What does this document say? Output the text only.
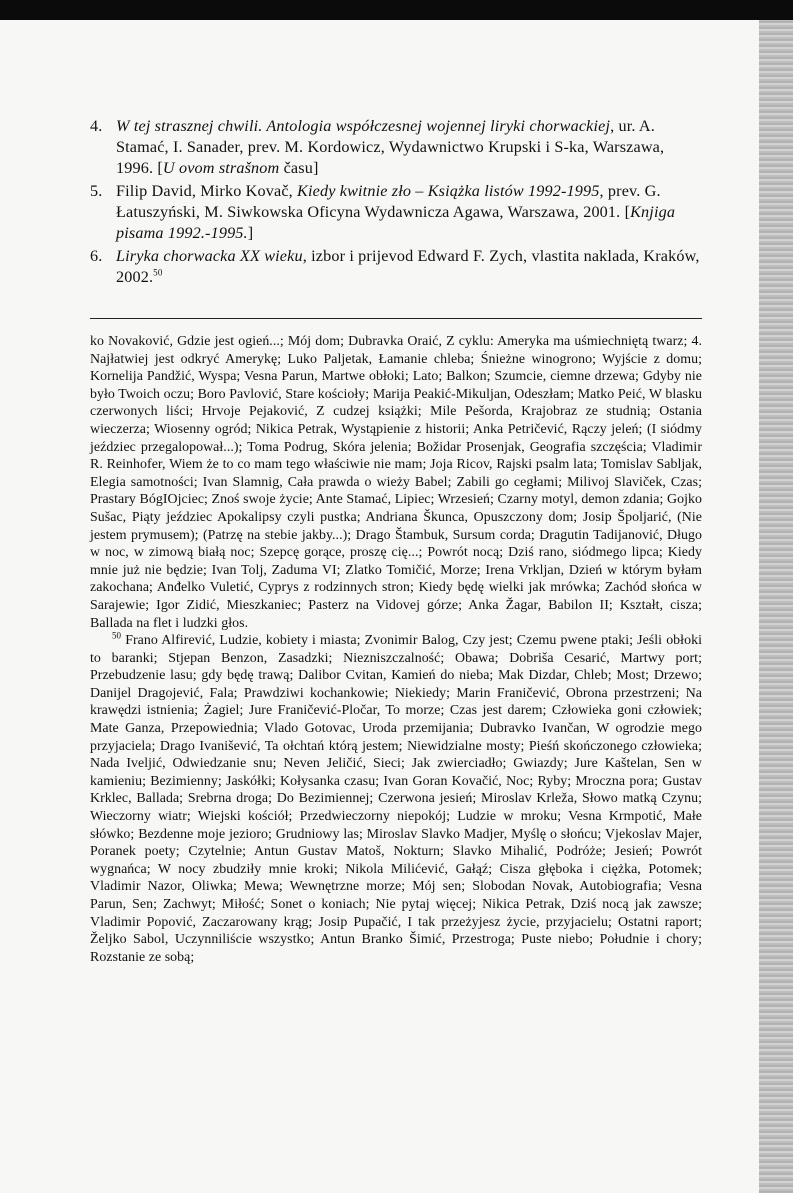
4. W tej strasznej chwili. Antologia współczesnej wojennej liryki chorwackiej, ur. A. Stamać, I. Sanader, prev. M. Kordowicz, Wydawnictwo Krupski i S-ka, Warszawa, 1996. [U ovom strašnom času]
5. Filip David, Mirko Kovač, Kiedy kwitnie zło – Książka listów 1992-1995, prev. G. Łatuszyński, M. Siwkowska Oficyna Wydawnicza Agawa, Warszawa, 2001. [Knjiga pisama 1992.-1995.]
6. Liryka chorwacka XX wieku, izbor i prijevod Edward F. Zych, vlastita naklada, Kraków, 2002.50

ko Novaković, Gdzie jest ogień...; Mój dom; Dubravka Oraić, Z cyklu: Ameryka ma uśmiechniętą twarz; 4. Najłatwiej jest odkryć Amerykę; Luko Paljetak, Łamanie chleba; Śnieżne winogrono; Wyjście z domu; Kornelija Pandžić, Wyspa; Vesna Parun, Martwe obłoki; Lato; Balkon; Szumcie, ciemne drzewa; Gdyby nie było Twoich oczu; Boro Pavlović, Stare kościoły; Marija Peakić-Mikuljan, Odeszłam; Matko Peić, W blasku czerwonych liści; Hrvoje Pejaković, Z cudzej książki; Mile Pešorda, Krajobraz ze studnią; Ostania wieczerza; Wiosenny ogród; Nikica Petrak, Wystąpienie z historii; Anka Petričević, Rączy jeleń; (I siódmy jeździec przegalopował...); Toma Podrug, Skóra jelenia; Božidar Prosenjak, Geografia szczęścia; Vladimir R. Reinhofer, Wiem że to co mam tego właściwie nie mam; Joja Ricov, Rajski psalm lata; Tomislav Sabljak, Elegia samotności; Ivan Slamnig, Cała prawda o wieży Babel; Zabili go cegłami; Milivoj Slaviček, Czas; Prastary BógIOjciec; Znoś swoje życie; Ante Stamać, Lipiec; Wrzesień; Czarny motyl, demon zdania; Gojko Sušac, Piąty jeździec Apokalipsy czyli pustka; Andriana Škunca, Opuszczony dom; Josip Špoljarić, (Nie jestem prymusem); (Patrzę na stebie jakby...); Drago Štambuk, Sursum corda; Dragutin Tadijanović, Długo w noc, w zimową białą noc; Szepcę gorące, proszę cię...; Powrót nocą; Dziś rano, siódmego lipca; Kiedy mnie już nie będzie; Ivan Tolj, Zaduma VI; Zlatko Tomičić, Morze; Irena Vrkljan, Dzień w którym byłam zakochana; Anđelko Vuletić, Cyprys z rodzinnych stron; Kiedy będę wielki jak mrówka; Zachód słońca w Sarajewie; Igor Zidić, Mieszkaniec; Pasterz na Vidovej górze; Anka Žagar, Babilon II; Kształt, cisza; Ballada na flet i ludzki głos.

$^{50}$ Frano Alfirević, Ludzie, kobiety i miasta; Zvonimir Balog, Czy jest; Czemu pwene ptaki; Jeśli obłoki to baranki; Stjepan Benzon, Zasadzki; Niezniszczalność; Obawa; Dobriša Cesarić, Martwy port; Przebudzenie lasu; gdy będę trawą; Dalibor Cvitan, Kamień do nieba; Mak Dizdar, Chleb; Most; Drzewo; Danijel Dragojević, Fala; Prawdziwi kochankowie; Niekiedy; Marin Franičević, Obrona przestrzeni; Na krawędzi istnienia; Żagiel; Jure Franičević-Pločar, To morze; Czas jest darem; Człowieka goni człowiek; Mate Ganza, Przepowiednia; Vlado Gotovac, Uroda przemijania; Dubravko Ivančan, W ogrodzie mego przyjaciela; Drago Ivanišević, Ta ołchtań którą jestem; Niewidzialne mosty; Pieśń skończonego człowieka; Nada Iveljić, Odwiedzanie snu; Neven Jeličić, Sieci; Jak zwierciadło; Gwiazdy; Jure Kaštelan, Sen w kamieniu; Bezimienny; Jaskółki; Kołysanka czasu; Ivan Goran Kovačić, Noc; Ryby; Mroczna pora; Gustav Krklec, Ballada; Srebrna droga; Do Bezimiennej; Czerwona jesień; Miroslav Krleža, Słowo matką Czynu; Wieczorny wiatr; Wiejski kościół; Przedwieczorny niepokój; Ludzie w mroku; Vesna Krmpotić, Małe słówko; Bezdenne moje jezioro; Grudniowy las; Miroslav Slavko Madjer, Myślę o słońcu; Vjekoslav Majer, Poranek poety; Czytelnie; Antun Gustav Matoš, Nokturn; Slavko Mihalić, Podróże; Jesień; Powrót wygnańca; W nocy zbudziły mnie kroki; Nikola Milićević, Gałąź; Cisza głęboka i ciężka, Potomek; Vladimir Nazor, Oliwka; Mewa; Wewnętrzne morze; Mój sen; Slobodan Novak, Autobiografia; Vesna Parun, Sen; Zachwyt; Miłość; Sonet o koniach; Nie pytaj więcej; Nikica Petrak, Dziś nocą jak zawsze; Vladimir Popović, Zaczarowany krąg; Josip Pupačić, I tak przeżyjesz życie, przyjacielu; Ostatni raport; Željko Sabol, Uczynniliście wszystko; Antun Branko Šimić, Przestroga; Puste niebo; Południe i chory; Rozstanie ze sobą;
